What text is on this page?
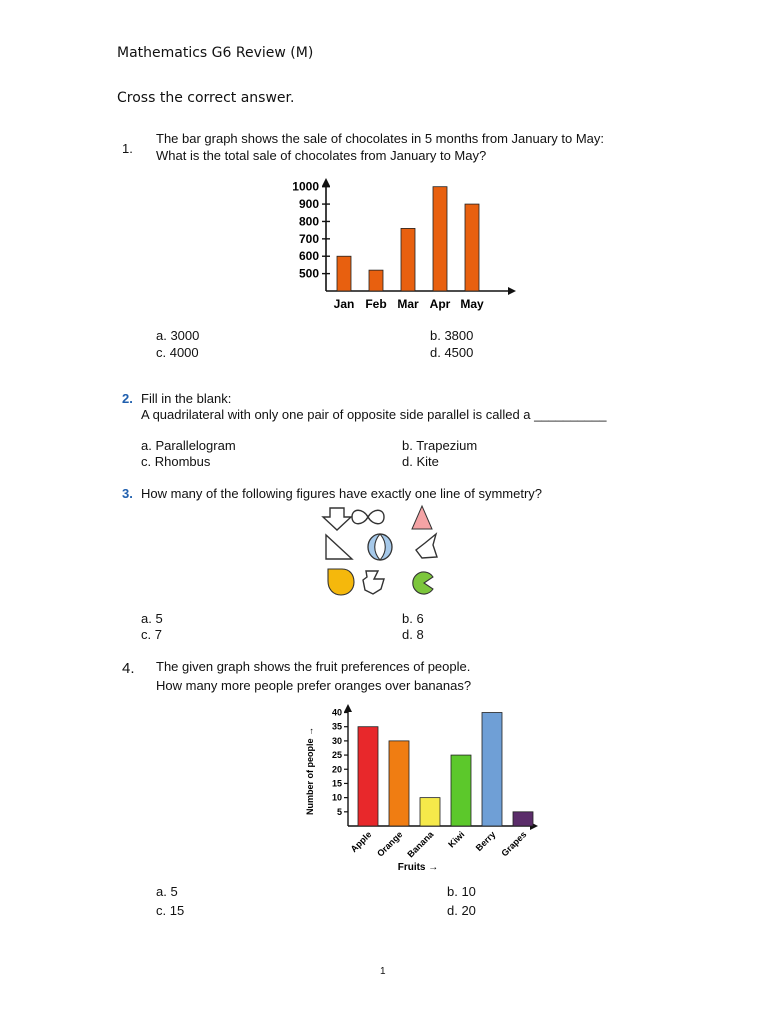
Mathematics G6 Review (M)
Cross the correct answer.
1.
The bar graph shows the sale of chocolates in 5 months from January to May:
What is the total sale of chocolates from January to May?
500
600
700
800
900
1000
Jan Feb Mar Apr May
a. 3000
c. 4000
b. 3800
d. 4500
2. Fill in the blank:
A quadrilateral with only one pair of opposite side parallel is called a __________
a. Parallelogram
c. Rhombus
b. Trapezium
d. Kite
3. How many of the following figures have exactly one line of symmetry?
a. 5
c. 7
b. 6
d. 8
4. The given graph shows the fruit preferences of people.
How many more people prefer oranges over bananas?
5
10
15
20
25
30
35
40
Number of people →
Apple Orange Banana Kiwi Berry Grapes
Fruits →
a. 5
c. 15
b. 10
d. 20
1
